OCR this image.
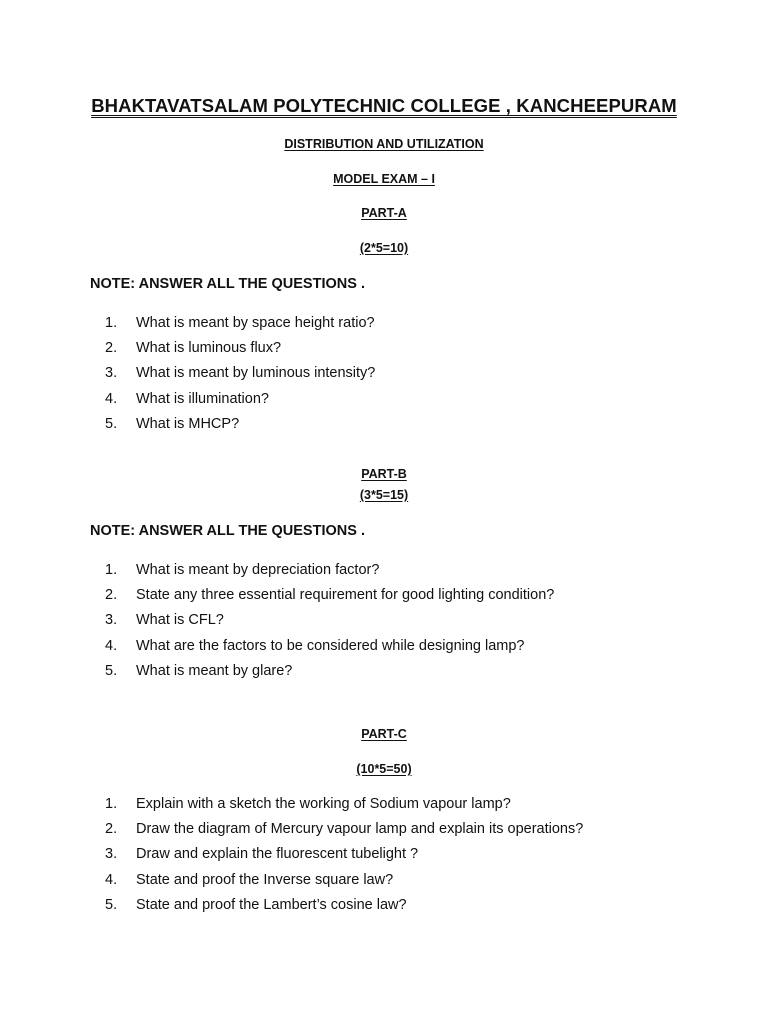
BHAKTAVATSALAM POLYTECHNIC COLLEGE , KANCHEEPURAM
DISTRIBUTION AND UTILIZATION
MODEL EXAM – I
PART-A
(2*5=10)
NOTE: ANSWER ALL THE QUESTIONS .
1. What is meant by space height ratio?
2. What is luminous flux?
3. What is meant by luminous intensity?
4. What is illumination?
5. What is MHCP?
PART-B
(3*5=15)
NOTE: ANSWER ALL THE QUESTIONS .
1. What is meant by depreciation factor?
2. State any three essential requirement for good lighting condition?
3. What is CFL?
4. What are the factors to be considered while designing lamp?
5. What is meant by glare?
PART-C
(10*5=50)
1. Explain with a sketch the working of Sodium vapour lamp?
2. Draw the diagram of Mercury vapour lamp and explain its operations?
3. Draw and explain the fluorescent tubelight ?
4. State and proof the Inverse square law?
5. State and proof the Lambert’s cosine law?
